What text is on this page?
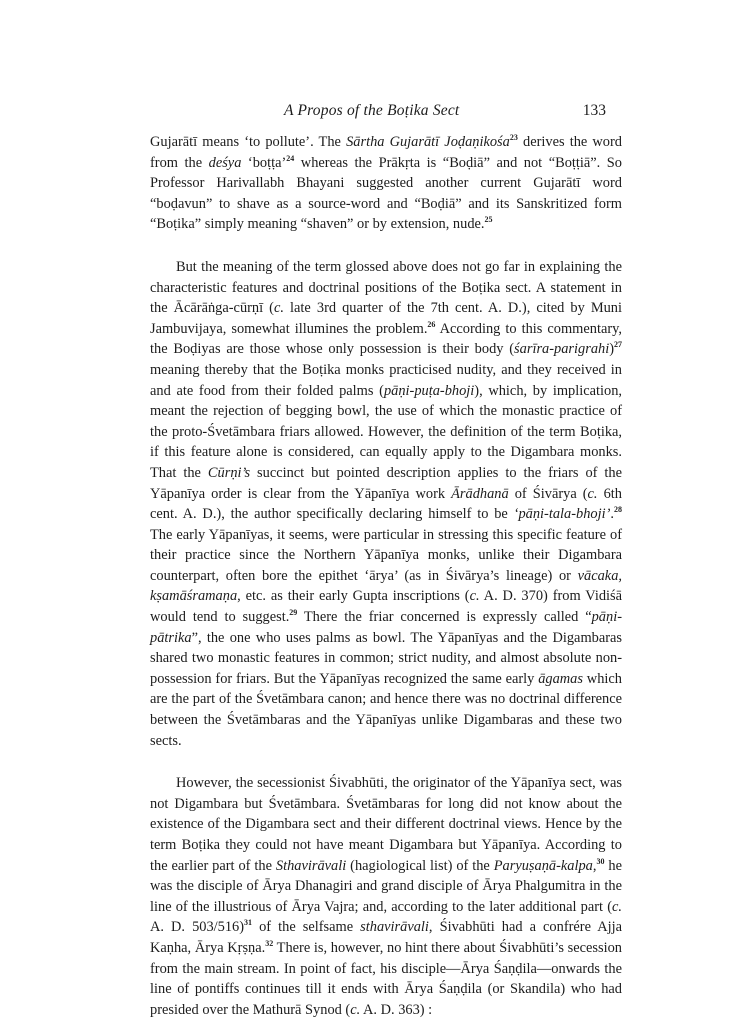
A Propos of the Boṭika Sect	133

Gujarātī means ‘to pollute’. The Sārtha Gujarātī Joḍaṇikośa$^{23}$ derives the word from the deśya ‘boṭṭa’$^{24}$ whereas the Prākṛta is “Boḍiā” and not “Boṭṭiā”. So Professor Harivallabh Bhayani suggested another current Gujarātī word “boḍavun” to shave as a source-word and “Boḍiā” and its Sanskritized form “Boṭika” simply meaning “shaven” or by extension, nude.$^{25}$

But the meaning of the term glossed above does not go far in explaining the characteristic features and doctrinal positions of the Boṭika sect. A statement in the Ācārāṅga-cūrṇī (c. late 3rd quarter of the 7th cent. A. D.), cited by Muni Jambuvijaya, somewhat illumines the problem.$^{26}$ According to this commentary, the Boḍiyas are those whose only possession is their body (śarīra-parigrahi)$^{27}$ meaning thereby that the Boṭika monks practicised nudity, and they received in and ate food from their folded palms (pāṇi-puṭa-bhoji), which, by implication, meant the rejection of begging bowl, the use of which the monastic practice of the proto-Śvetāmbara friars allowed. However, the definition of the term Boṭika, if this feature alone is considered, can equally apply to the Digambara monks. That the Cūrṇi’s succinct but pointed description applies to the friars of the Yāpanīya order is clear from the Yāpanīya work Ārādhanā of Śivārya (c. 6th cent. A. D.), the author specifically declaring himself to be ‘pāṇi-tala-bhoji’.$^{28}$ The early Yāpanīyas, it seems, were particular in stressing this specific feature of their practice since the Northern Yāpanīya monks, unlike their Digambara counterpart, often bore the epithet ‘ārya’ (as in Śivārya’s lineage) or vācaka, kṣamāśramaṇa, etc. as their early Gupta inscriptions (c. A. D. 370) from Vidiśā would tend to suggest.$^{29}$ There the friar concerned is expressly called “pāṇi-pātrika”, the one who uses palms as bowl. The Yāpanīyas and the Digambaras shared two monastic features in common; strict nudity, and almost absolute non-possession for friars. But the Yāpanīyas recognized the same early āgamas which are the part of the Śvetāmbara canon; and hence there was no doctrinal difference between the Śvetāmbaras and the Yāpanīyas unlike Digambaras and these two sects.

However, the secessionist Śivabhūti, the originator of the Yāpanīya sect, was not Digambara but Śvetāmbara. Śvetāmbaras for long did not know about the existence of the Digambara sect and their different doctrinal views. Hence by the term Boṭika they could not have meant Digambara but Yāpanīya. According to the earlier part of the Sthavirāvali (hagiological list) of the Paryuṣaṇā-kalpa,$^{30}$ he was the disciple of Ārya Dhanagiri and grand disciple of Ārya Phalgumitra in the line of the illustrious of Ārya Vajra; and, according to the later additional part (c. A. D. 503/516)$^{31}$ of the selfsame sthavirāvali, Śivabhūti had a confrére Ajja Kaṇha, Ārya Kṛṣṇa.$^{32}$ There is, however, no hint there about Śivabhūti’s secession from the main stream. In point of fact, his disciple—Ārya Śaṇḍila—onwards the line of pontiffs continues till it ends with Ārya Śaṇḍila (or Skandila) who had presided over the Mathurā Synod (c. A. D. 363) :
